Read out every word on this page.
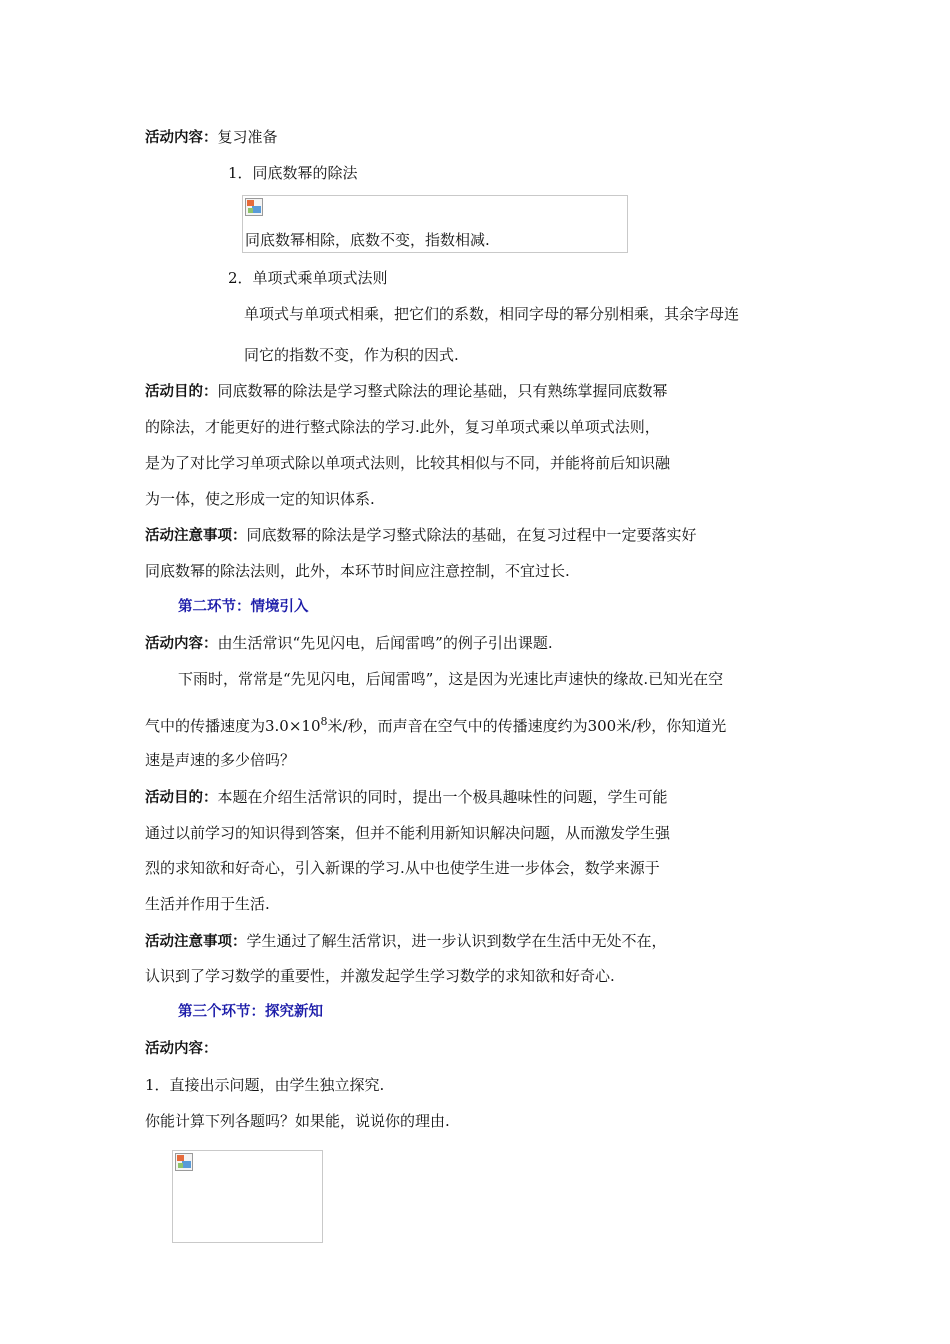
活动内容：复习准备
1．同底数幂的除法
同底数幂相除，底数不变，指数相减.
2．单项式乘单项式法则
单项式与单项式相乘，把它们的系数，相同字母的幂分别相乘，其余字母连
同它的指数不变，作为积的因式.
活动目的：同底数幂的除法是学习整式除法的理论基础，只有熟练掌握同底数幂
的除法，才能更好的进行整式除法的学习.此外，复习单项式乘以单项式法则，
是为了对比学习单项式除以单项式法则，比较其相似与不同，并能将前后知识融
为一体，使之形成一定的知识体系.
活动注意事项：同底数幂的除法是学习整式除法的基础，在复习过程中一定要落实好
同底数幂的除法法则，此外，本环节时间应注意控制，不宜过长.
第二环节：情境引入
活动内容：由生活常识“先见闪电，后闻雷鸣”的例子引出课题.
下雨时，常常是“先见闪电，后闻雷鸣”，这是因为光速比声速快的缘故.已知光在空
气中的传播速度为$3.0\times 10^8$米/秒，而声音在空气中的传播速度约为300米/秒，你知道光
速是声速的多少倍吗？
活动目的：本题在介绍生活常识的同时，提出一个极具趣味性的问题，学生可能
通过以前学习的知识得到答案，但并不能利用新知识解决问题，从而激发学生强
烈的求知欲和好奇心，引入新课的学习.从中也使学生进一步体会，数学来源于
生活并作用于生活.
活动注意事项：学生通过了解生活常识，进一步认识到数学在生活中无处不在，
认识到了学习数学的重要性，并激发起学生学习数学的求知欲和好奇心.
第三个环节：探究新知
活动内容：
1．直接出示问题，由学生独立探究.
你能计算下列各题吗？如果能，说说你的理由.
